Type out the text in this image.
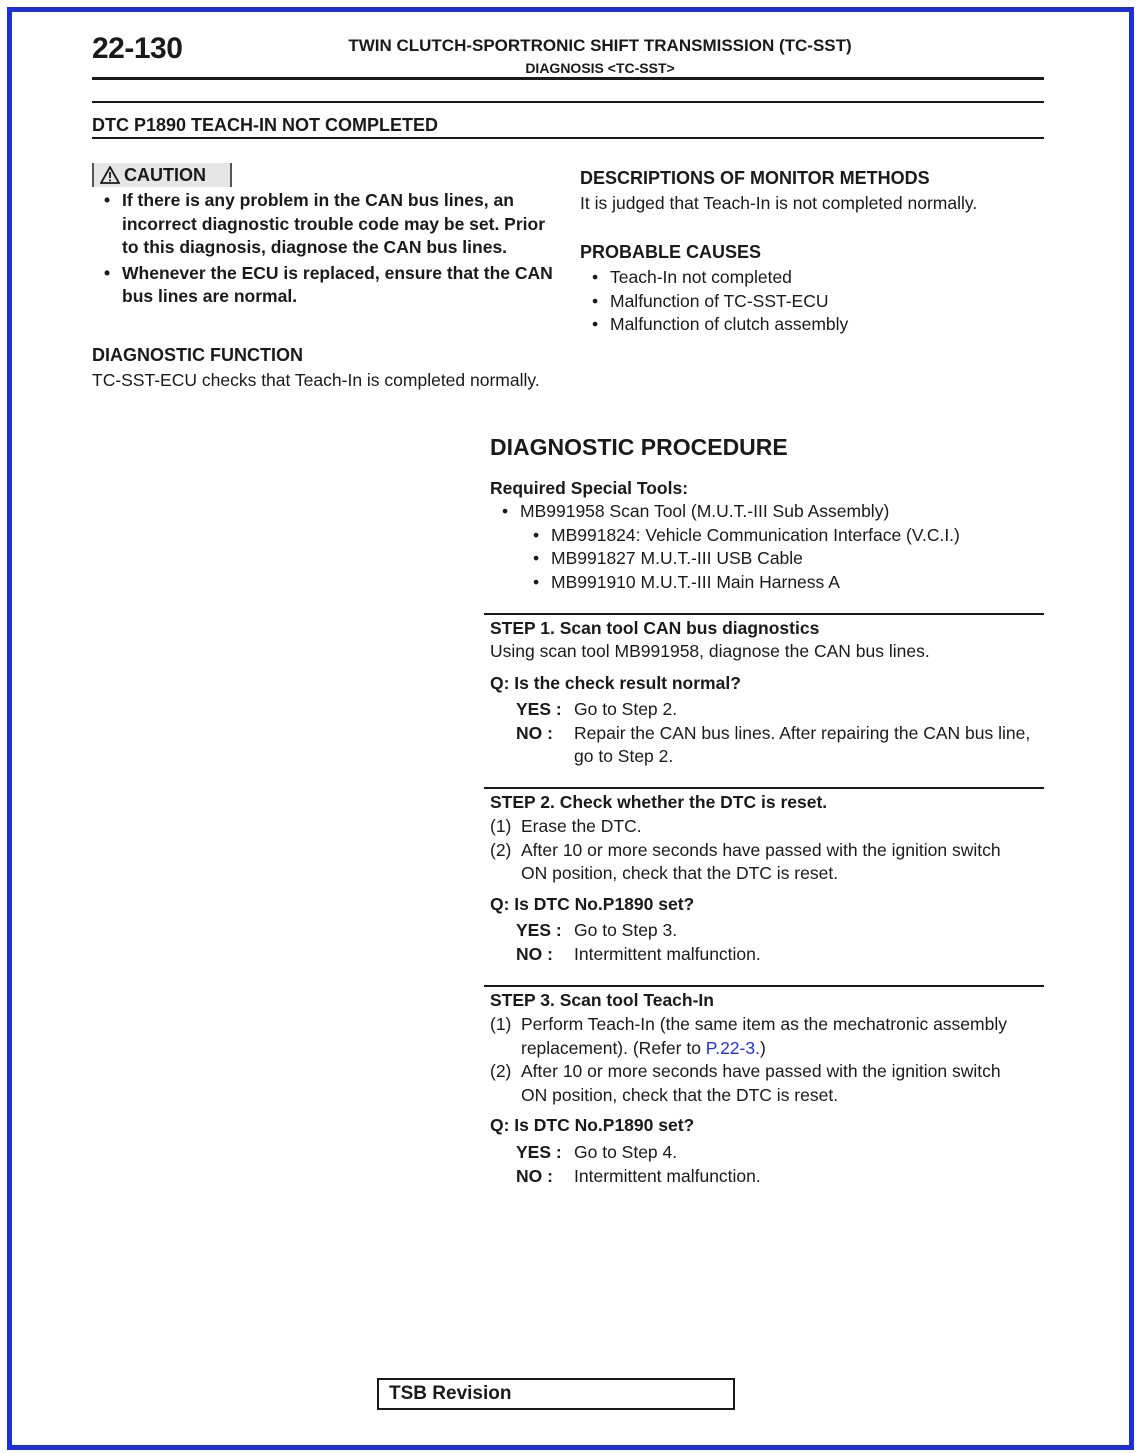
22-130	TWIN CLUTCH-SPORTRONIC SHIFT TRANSMISSION (TC-SST)
DIAGNOSIS <TC-SST>
DTC P1890 TEACH-IN NOT COMPLETED
CAUTION
• If there is any problem in the CAN bus lines, an incorrect diagnostic trouble code may be set. Prior to this diagnosis, diagnose the CAN bus lines.
• Whenever the ECU is replaced, ensure that the CAN bus lines are normal.
DIAGNOSTIC FUNCTION
TC-SST-ECU checks that Teach-In is completed normally.
DESCRIPTIONS OF MONITOR METHODS
It is judged that Teach-In is not completed normally.
PROBABLE CAUSES
• Teach-In not completed
• Malfunction of TC-SST-ECU
• Malfunction of clutch assembly
DIAGNOSTIC PROCEDURE
Required Special Tools:
• MB991958 Scan Tool (M.U.T.-III Sub Assembly)
• MB991824: Vehicle Communication Interface (V.C.I.)
• MB991827 M.U.T.-III USB Cable
• MB991910 M.U.T.-III Main Harness A
STEP 1. Scan tool CAN bus diagnostics
Using scan tool MB991958, diagnose the CAN bus lines.
Q: Is the check result normal?
YES : Go to Step 2.
NO :	Repair the CAN bus lines. After repairing the CAN bus line, go to Step 2.
STEP 2. Check whether the DTC is reset.
(1) Erase the DTC.
(2) After 10 or more seconds have passed with the ignition switch ON position, check that the DTC is reset.
Q: Is DTC No.P1890 set?
YES : Go to Step 3.
NO :	Intermittent malfunction.
STEP 3. Scan tool Teach-In
(1) Perform Teach-In (the same item as the mechatronic assembly replacement). (Refer to P.22-3.)
(2) After 10 or more seconds have passed with the ignition switch ON position, check that the DTC is reset.
Q: Is DTC No.P1890 set?
YES : Go to Step 4.
NO :	Intermittent malfunction.
TSB Revision
